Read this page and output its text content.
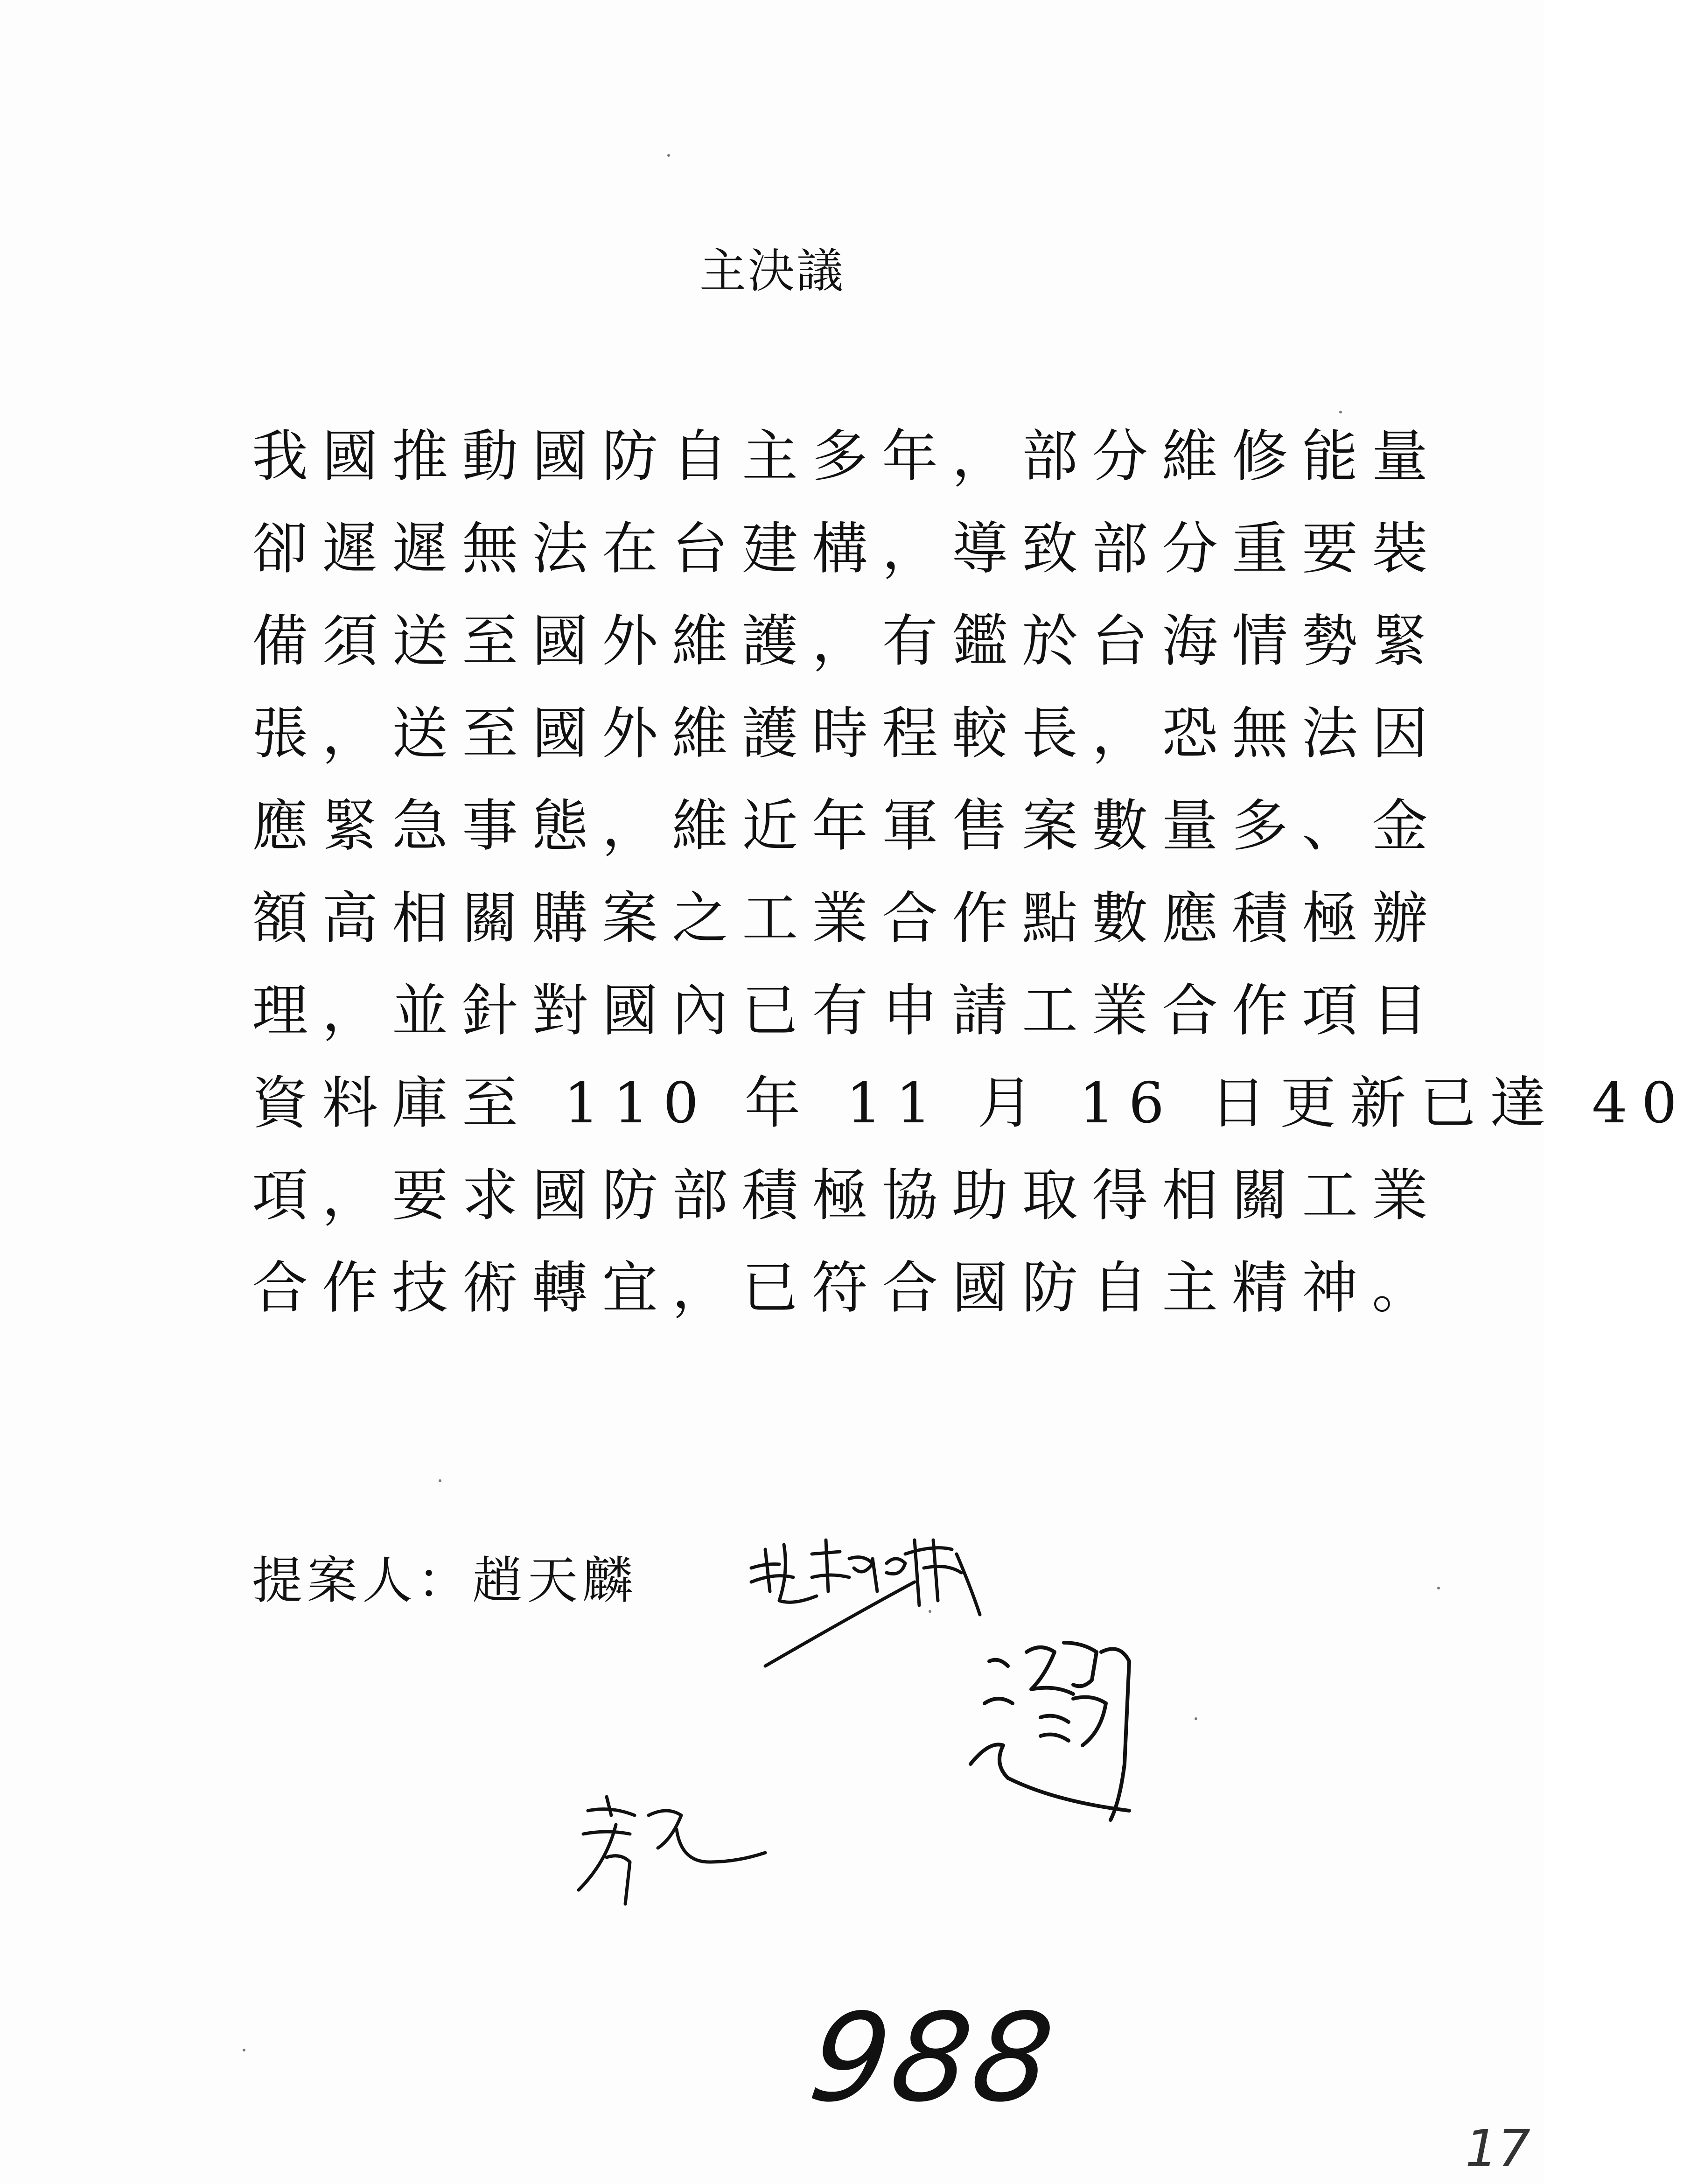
主決議
我國推動國防自主多年，部分維修能量
卻遲遲無法在台建構，導致部分重要裝
備須送至國外維護，有鑑於台海情勢緊
張，送至國外維護時程較長，恐無法因
應緊急事態，維近年軍售案數量多、金
額高相關購案之工業合作點數應積極辦
理，並針對國內已有申請工業合作項目
資料庫至 110 年 11 月 16 日更新已達 40
項，要求國防部積極協助取得相關工業
合作技術轉宜，已符合國防自主精神。
提案人：趙天麟
988
17
